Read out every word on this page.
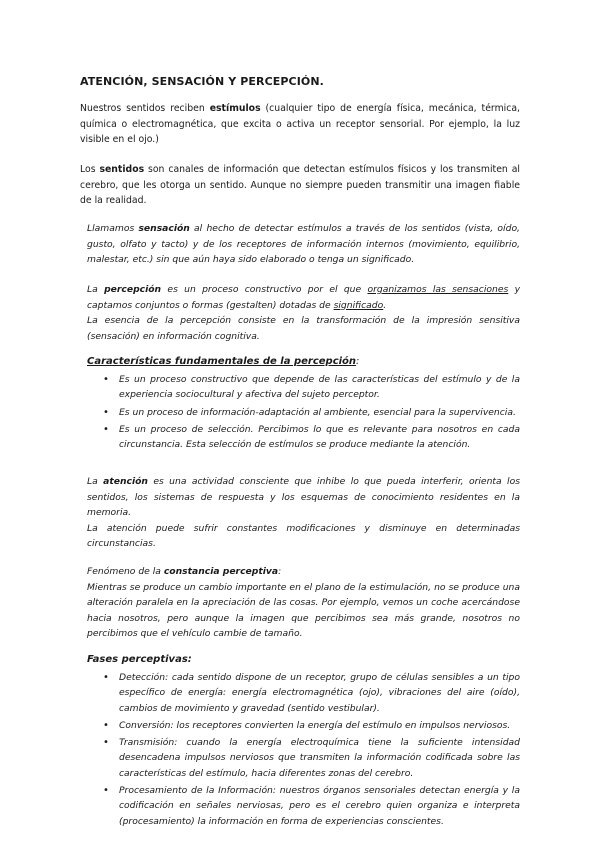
ATENCIÓN, SENSACIÓN Y PERCEPCIÓN.
Nuestros sentidos reciben estímulos (cualquier tipo de energía física, mecánica, térmica, química o electromagnética, que excita o activa un receptor sensorial. Por ejemplo, la luz visible en el ojo.)
Los sentidos son canales de información que detectan estímulos físicos y los transmiten al cerebro, que les otorga un sentido. Aunque no siempre pueden transmitir una imagen fiable de la realidad.
Llamamos sensación al hecho de detectar estímulos a través de los sentidos (vista, oído, gusto, olfato y tacto) y de los receptores de información internos (movimiento, equilibrio, malestar, etc.) sin que aún haya sido elaborado o tenga un significado.
La percepción es un proceso constructivo por el que organizamos las sensaciones y captamos conjuntos o formas (gestalten) dotadas de significado.
La esencia de la percepción consiste en la transformación de la impresión sensitiva (sensación) en información cognitiva.
Características fundamentales de la percepción:
• Es un proceso constructivo que depende de las características del estímulo y de la experiencia sociocultural y afectiva del sujeto perceptor.
• Es un proceso de información-adaptación al ambiente, esencial para la supervivencia.
• Es un proceso de selección. Percibimos lo que es relevante para nosotros en cada circunstancia. Esta selección de estímulos se produce mediante la atención.
La atención es una actividad consciente que inhibe lo que pueda interferir, orienta los sentidos, los sistemas de respuesta y los esquemas de conocimiento residentes en la memoria.
La atención puede sufrir constantes modificaciones y disminuye en determinadas circunstancias.
Fenómeno de la constancia perceptiva:
Mientras se produce un cambio importante en el plano de la estimulación, no se produce una alteración paralela en la apreciación de las cosas. Por ejemplo, vemos un coche acercándose hacia nosotros, pero aunque la imagen que percibimos sea más grande, nosotros no percibimos que el vehículo cambie de tamaño.
Fases perceptivas:
• Detección: cada sentido dispone de un receptor, grupo de células sensibles a un tipo específico de energía: energía electromagnética (ojo), vibraciones del aire (oído), cambios de movimiento y gravedad (sentido vestibular).
• Conversión: los receptores convierten la energía del estímulo en impulsos nerviosos.
• Transmisión: cuando la energía electroquímica tiene la suficiente intensidad desencadena impulsos nerviosos que transmiten la información codificada sobre las características del estímulo, hacia diferentes zonas del cerebro.
• Procesamiento de la Información: nuestros órganos sensoriales detectan energía y la codificación en señales nerviosas, pero es el cerebro quien organiza e interpreta (procesamiento) la información en forma de experiencias conscientes.
